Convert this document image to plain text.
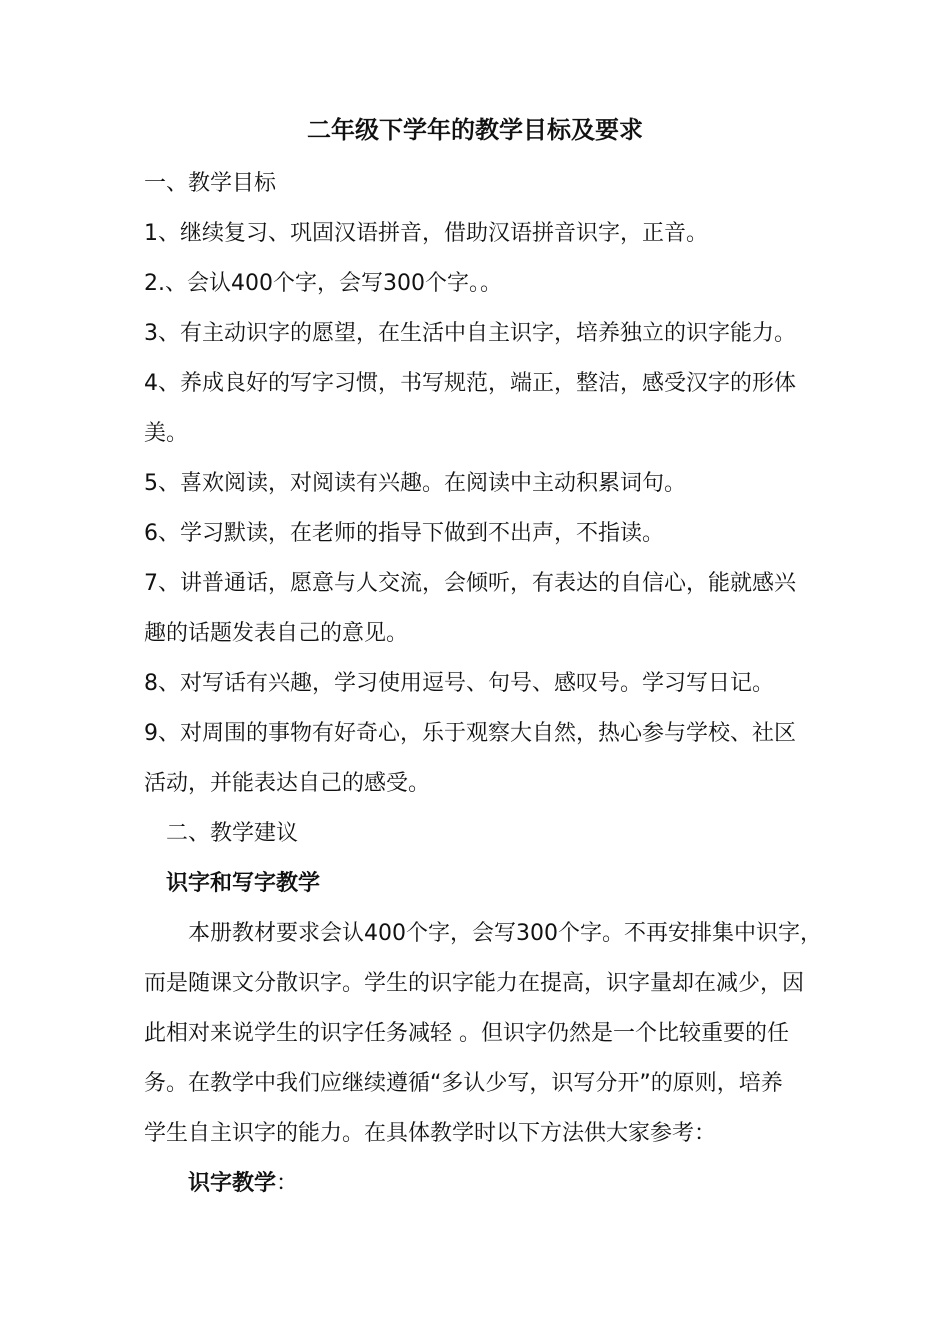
二年级下学年的教学目标及要求
一、教学目标
1、继续复习、巩固汉语拼音，借助汉语拼音识字，正音。
2.、会认400个字，会写300个字。。
3、有主动识字的愿望，在生活中自主识字，培养独立的识字能力。
4、养成良好的写字习惯，书写规范，端正，整洁，感受汉字的形体
美。
5、喜欢阅读，对阅读有兴趣。在阅读中主动积累词句。
6、学习默读，在老师的指导下做到不出声，不指读。
7、讲普通话，愿意与人交流，会倾听，有表达的自信心，能就感兴
趣的话题发表自己的意见。
8、对写话有兴趣，学习使用逗号、句号、感叹号。学习写日记。
9、对周围的事物有好奇心，乐于观察大自然，热心参与学校、社区
活动，并能表达自己的感受。
二、教学建议
识字和写字教学
本册教材要求会认400个字，会写300个字。不再安排集中识字，
而是随课文分散识字。学生的识字能力在提高，识字量却在减少，因
此相对来说学生的识字任务减轻 。但识字仍然是一个比较重要的任
务。在教学中我们应继续遵循“多认少写，识写分开”的原则，培养
学生自主识字的能力。在具体教学时以下方法供大家参考：
识字教学：
